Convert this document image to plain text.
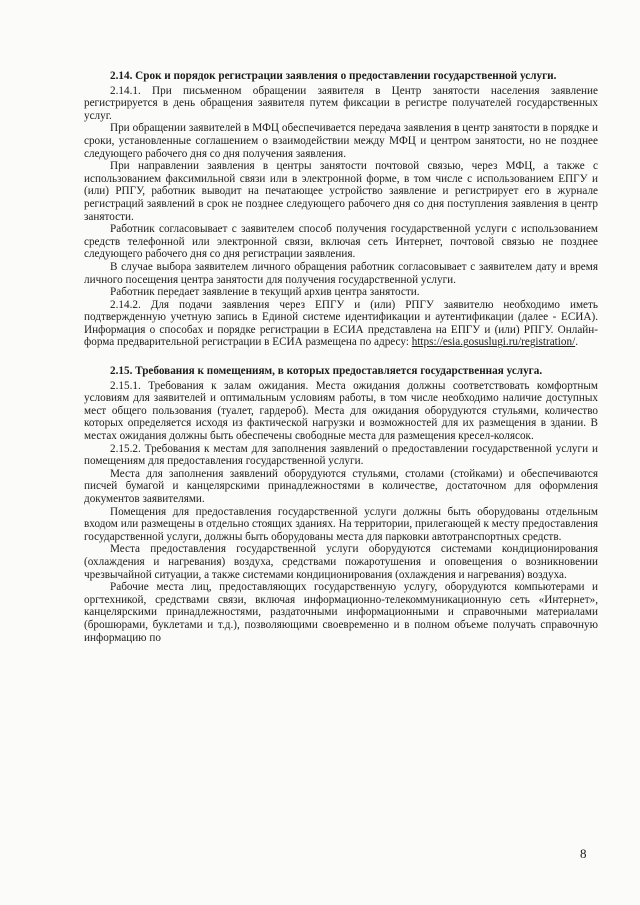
2.14. Срок и порядок регистрации заявления о предоставлении государственной услуги.

2.14.1. При письменном обращении заявителя в Центр занятости населения заявление регистрируется в день обращения заявителя путем фиксации в регистре получателей государственных услуг.

При обращении заявителей в МФЦ обеспечивается передача заявления в центр занятости в порядке и сроки, установленные соглашением о взаимодействии между МФЦ и центром занятости, но не позднее следующего рабочего дня со дня получения заявления.

При направлении заявления в центры занятости почтовой связью, через МФЦ, а также с использованием факсимильной связи или в электронной форме, в том числе с использованием ЕПГУ и (или) РПГУ, работник выводит на печатающее устройство заявление и регистрирует его в журнале регистраций заявлений в срок не позднее следующего рабочего дня со дня поступления заявления в центр занятости.

Работник согласовывает с заявителем способ получения государственной услуги с использованием средств телефонной или электронной связи, включая сеть Интернет, почтовой связью не позднее следующего рабочего дня со дня регистрации заявления.

В случае выбора заявителем личного обращения работник согласовывает с заявителем дату и время личного посещения центра занятости для получения государственной услуги.

Работник передает заявление в текущий архив центра занятости.

2.14.2. Для подачи заявления через ЕПГУ и (или) РПГУ заявителю необходимо иметь подтвержденную учетную запись в Единой системе идентификации и аутентификации (далее - ЕСИА). Информация о способах и порядке регистрации в ЕСИА представлена на ЕПГУ и (или) РПГУ. Онлайн-форма предварительной регистрации в ЕСИА размещена по адресу: https://esia.gosuslugi.ru/registration/.

2.15. Требования к помещениям, в которых предоставляется государственная услуга.

2.15.1. Требования к залам ожидания. Места ожидания должны соответствовать комфортным условиям для заявителей и оптимальным условиям работы, в том числе необходимо наличие доступных мест общего пользования (туалет, гардероб). Места для ожидания оборудуются стульями, количество которых определяется исходя из фактической нагрузки и возможностей для их размещения в здании. В местах ожидания должны быть обеспечены свободные места для размещения кресел-колясок.

2.15.2. Требования к местам для заполнения заявлений о предоставлении государственной услуги и помещениям для предоставления государственной услуги.

Места для заполнения заявлений оборудуются стульями, столами (стойками) и обеспечиваются писчей бумагой и канцелярскими принадлежностями в количестве, достаточном для оформления документов заявителями.

Помещения для предоставления государственной услуги должны быть оборудованы отдельным входом или размещены в отдельно стоящих зданиях. На территории, прилегающей к месту предоставления государственной услуги, должны быть оборудованы места для парковки автотранспортных средств.

Места предоставления государственной услуги оборудуются системами кондиционирования (охлаждения и нагревания) воздуха, средствами пожаротушения и оповещения о возникновении чрезвычайной ситуации, а также системами кондиционирования (охлаждения и нагревания) воздуха.

Рабочие места лиц, предоставляющих государственную услугу, оборудуются компьютерами и оргтехникой, средствами связи, включая информационно-телекоммуникационную сеть «Интернет», канцелярскими принадлежностями, раздаточными информационными и справочными материалами (брошюрами, буклетами и т.д.), позволяющими своевременно и в полном объеме получать справочную информацию по

8
